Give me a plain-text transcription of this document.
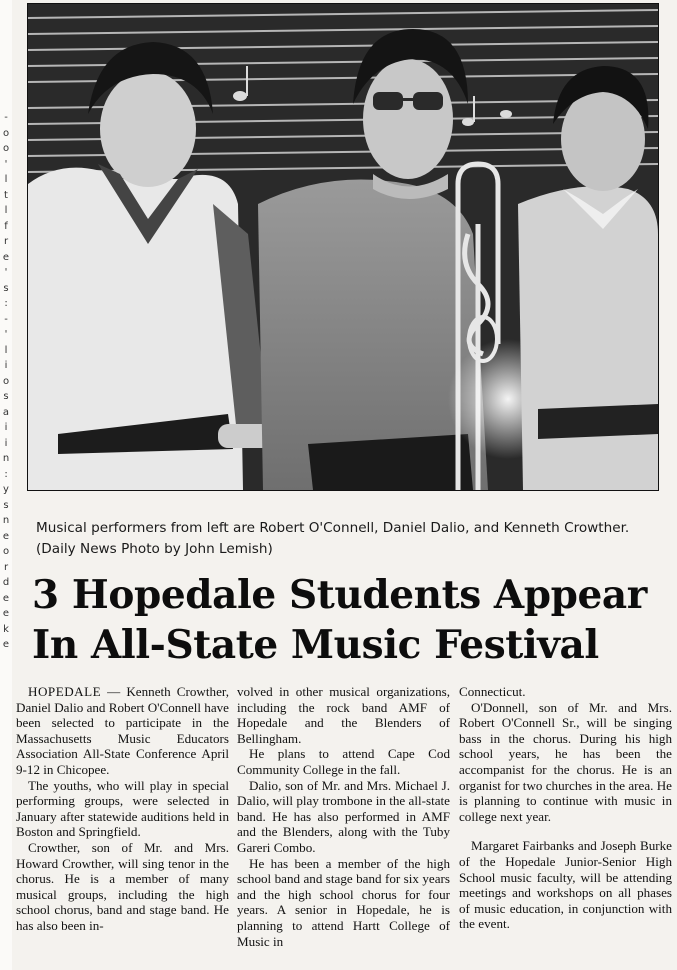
-
o
o
'
l
t
l
f
r
e
'
s
:
-
'
l
i
o
s
a
i
i
n
:
y
s
n
e
o
r
d
e
e
k
e
Musical performers from left are Robert O'Connell, Daniel Dalio, and Kenneth Crowther. (Daily News Photo by John Lemish)
3 Hopedale Students Appear
In All-State Music Festival

HOPEDALE — Kenneth Crowther, Daniel Dalio and Robert O'Connell have been selected to participate in the Massachusetts Music Educators Association All-State Conference April 9-12 in Chicopee.

The youths, who will play in special performing groups, were selected in January after statewide auditions held in Boston and Springfield.

Crowther, son of Mr. and Mrs. Howard Crowther, will sing tenor in the chorus. He is a member of many musical groups, including the high school chorus, band and stage band. He has also been in-

volved in other musical organizations, including the rock band AMF of Hopedale and the Blenders of Bellingham.

He plans to attend Cape Cod Community College in the fall.

Dalio, son of Mr. and Mrs. Michael J. Dalio, will play trombone in the all-state band. He has also performed in AMF and the Blenders, along with the Tuby Gareri Combo.

He has been a member of the high school band and stage band for six years and the high school chorus for four years. A senior in Hopedale, he is planning to attend Hartt College of Music in

Connecticut.

O'Donnell, son of Mr. and Mrs. Robert O'Connell Sr., will be singing bass in the chorus. During his high school years, he has been the accompanist for the chorus. He is an organist for two churches in the area. He is planning to continue with music in college next year.

Margaret Fairbanks and Joseph Burke of the Hopedale Junior-Senior High School music faculty, will be attending meetings and workshops on all phases of music education, in conjunction with the event.
